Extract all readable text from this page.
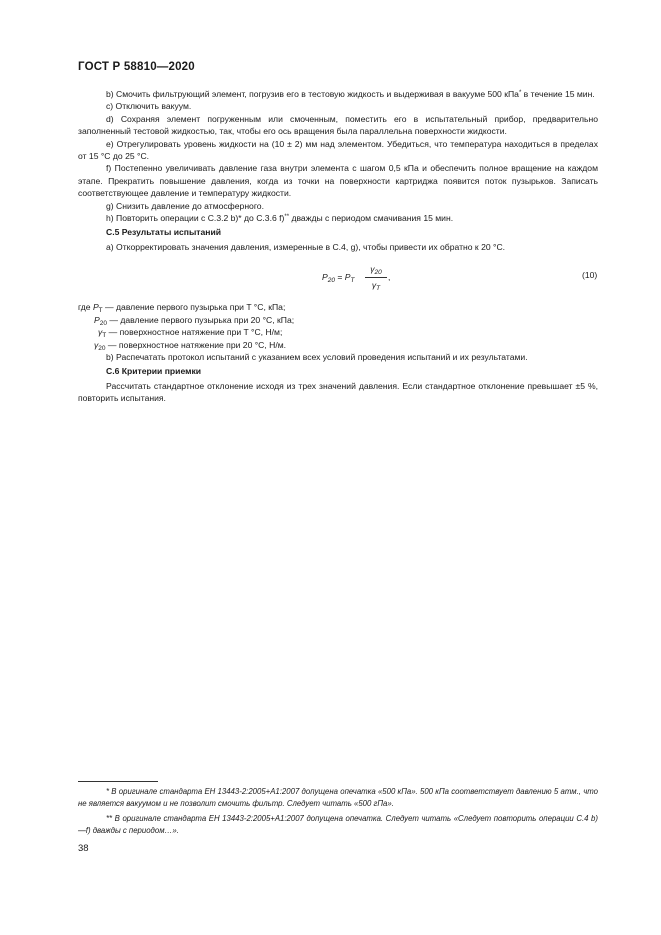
ГОСТ Р 58810—2020

b) Смочить фильтрующий элемент, погрузив его в тестовую жидкость и выдерживая в вакууме 500 кПа* в течение 15 мин.

c) Отключить вакуум.

d) Сохраняя элемент погруженным или смоченным, поместить его в испытательный прибор, предварительно заполненный тестовой жидкостью, так, чтобы его ось вращения была параллельна поверхности жидкости.

e) Отрегулировать уровень жидкости на (10 ± 2) мм над элементом. Убедиться, что температура находиться в пределах от 15 °С до 25 °С.

f) Постепенно увеличивать давление газа внутри элемента с шагом 0,5 кПа и обеспечить полное вращение на каждом этапе. Прекратить повышение давления, когда из точки на поверхности картриджа появится поток пузырьков. Записать соответствующее давление и температуру жидкости.

g) Снизить давление до атмосферного.

h) Повторить операции с С.3.2 b)* до С.3.6 f)** дважды с периодом смачивания 15 мин.

С.5 Результаты испытаний

a) Откорректировать значения давления, измеренные в С.4, g), чтобы привести их обратно к 20 °С.

$P_{20} = P_T$
$\gamma_{20}$
$\gamma_T$
,	(10)

где $P_T$ — давление первого пузырька при T °С, кПа;

$P_{20}$ — давление первого пузырька при 20 °С, кПа;

$\gamma_T$ — поверхностное натяжение при T °С, Н/м;

$\gamma_{20}$ — поверхностное натяжение при 20 °С, Н/м.

b) Распечатать протокол испытаний с указанием всех условий проведения испытаний и их результатами.

С.6 Критерии приемки

Рассчитать стандартное отклонение исходя из трех значений давления. Если стандартное отклонение превышает ±5 %, повторить испытания.

* В оригинале стандарта ЕН 13443-2:2005+А1:2007 допущена опечатка «500 кПа». 500 кПа соответствует давлению 5 атм., что не является вакуумом и не позволит смочить фильтр. Следует читать «500 гПа».

** В оригинале стандарта ЕН 13443-2:2005+А1:2007 допущена опечатка. Следует читать «Следует повторить операции С.4 b)—f) дважды с периодом…».

38
